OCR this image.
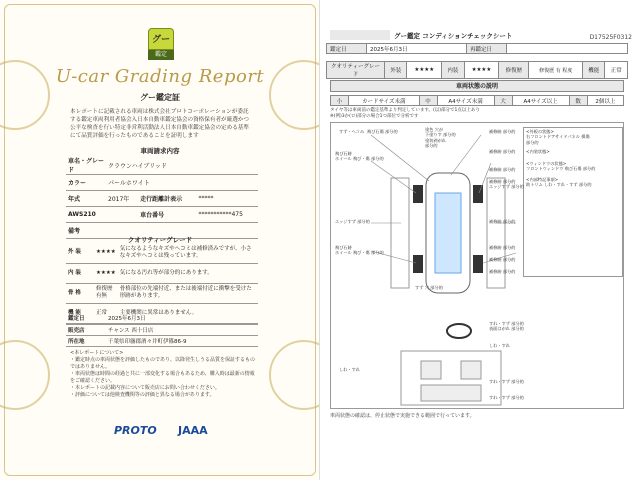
グー
鑑定
U-car Grading Report
グー鑑定証
本レポートに記載される車両は株式会社プロトコーポレーションが委託する鑑定車両利用者協会入日本自動車鑑定協会の資格保有者が厳選かつ公平な検査を行い特定非営利活動法人日本自動車鑑定協会の定める基準にて品質評価を行ったものであることを証明します
車両請求内容
車名・グレード	クラウンハイブリッド		
カラー	パールホワイト		
年式	2017年	走行距離計表示	*****
AWS210		車台番号	***********475
備考			
クオリティーグレード
外 装	★★★★	気になるようなキズやヘコミは補修済みですが、小さなキズやヘコミは残っています。
内 装	★★★★	気になる汚れ等が部分的にあります。
骨 格	修復歴有無	骨格部位の先端付近、または後端付近に衝撃を受けた形跡があります。
機 能	正常	主要機関に異常はありません。
鑑定日	2025年6月3日
販売店	チャンス 西十日店
所在地	千葉県印旛郡酒々井町伊篠86-9
<本レポートについて>
・鑑定時点の車両状態を評価したものであり、以降発生しうる品質を保証するものではありません。
・車両状態は時間の経過と共に一部変化する場合もあるため、購入時は最新の情報をご確認ください。
・本レポートの記載内容について販売店にお問い合わせください。
・評価については他検査機関等の評価と異なる場合があります。
PROTO JAAA
グー鑑定 コンディションチェックシート	D17525F0312
鑑定日	2025年6月3日	再鑑定日	
クオリティーグレード	外装	★★★★	内装	★★★★	修復歴	修復歴 有 程度	機能	正常
車両状態の説明
小	カードサイズ未満	中	A4サイズ未満	大	A4サイズ以上	数	2個以上
タイヤ等は車両前の鑑定基準より判定しています。(以)部分で1点以上あり
※(例)3か(ロ)部分の場合1つ部位で分析です
すず・ヘコみ 飛び石傷 部分的	塗色 穴が
下塗りす 部分的
塗装剥がれ
部分的
補修跡 部分的
補修跡 部分的
<外板の状態>
右フロントドアサイドパネル 損傷
部分的
<内装状態>
<ウィンドウの状態>
フロントウィンドウ 飛び石傷 部分的
<内部特記事項>
助トリム しわ・すれ・すず 部分的
飛び石跡
ホイール 飛び・傷 部分的
補修跡 部分的
補修跡 部分的
エッジすず 部分的
エッジすず 部分的	補修跡 部分的
飛び石跡
ホイール 飛び・傷 部分的
補修跡 部分的
補修跡 部分的
補修跡 部分的
すず 穴 部分的
すれ・すず 部分的
表面はがれ 部分的
しわ・すれ
しわ・すれ
すれ・すず 部分的
すれ・すず 部分的
車両状態の確認は、停止状態で実施できる範囲で行っています。
